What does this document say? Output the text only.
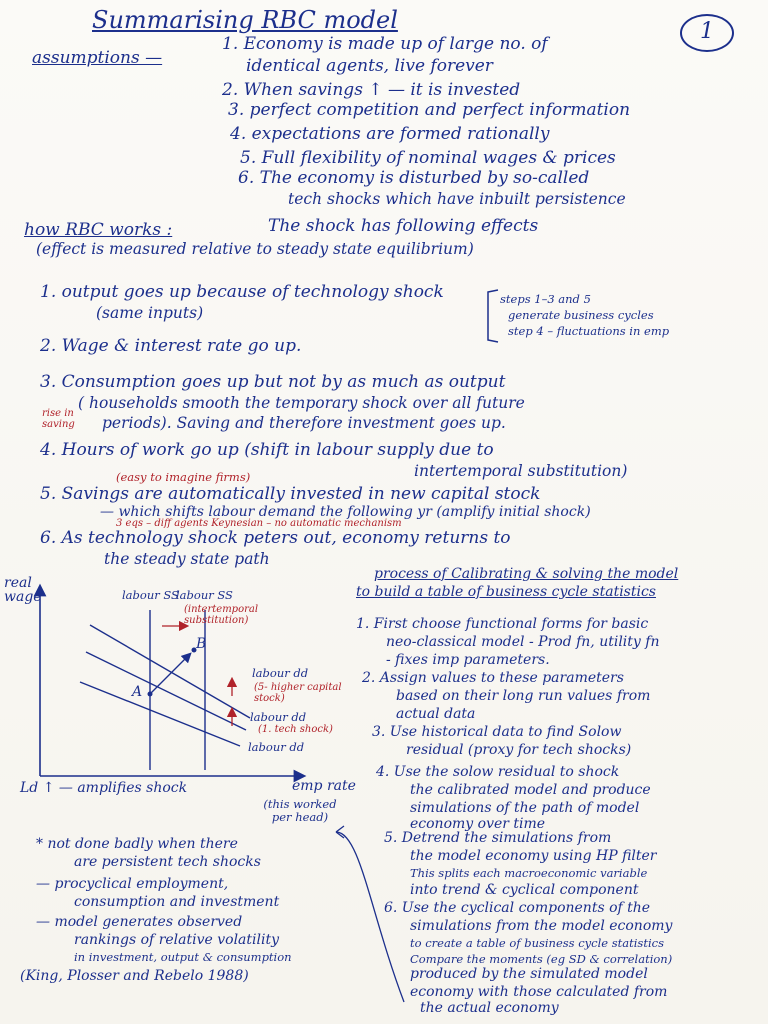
Summarising RBC model	1
assumptions —
1. Economy is made up of large no. of
identical agents, live forever
2. When savings ↑ — it is invested
3. perfect competition and perfect information
4. expectations are formed rationally
5. Full flexibility of nominal wages & prices
6. The economy is disturbed by so-called
tech shocks which have inbuilt persistence
how RBC works :	The shock has following effects
(effect is measured relative to steady state equilibrium)
1. output goes up because of technology shock
(same inputs)
steps 1–3 and 5
generate business cycles
step 4 – fluctuations in emp
2. Wage & interest rate go up.
3. Consumption goes up but not by as much as output
( households smooth the temporary shock over all future
periods). Saving and therefore investment goes up.
rise in saving
4. Hours of work go up (shift in labour supply due to
intertemporal substitution)
(easy to imagine firms)
5. Savings are automatically invested in new capital stock
— which shifts labour demand the following yr (amplify initial shock)
3 eqs – diff agents Keynesian – no automatic mechanism
6. As technology shock peters out, economy returns to
the steady state path
real wage	labour SS
labour SS
(intertemporal substitution)
A
B
labour dd
(5- higher capital stock)
labour dd
(1. tech shock)
labour dd
Ld ↑ — amplifies shock	emp rate
(this worked per head)
process of Calibrating & solving the model
to build a table of business cycle statistics
1. First choose functional forms for basic
neo-classical model - Prod fn, utility fn
- fixes imp parameters.
2. Assign values to these parameters
based on their long run values from
actual data
3. Use historical data to find Solow
residual (proxy for tech shocks)
4. Use the solow residual to shock
the calibrated model and produce
simulations of the path of model
economy over time
5. Detrend the simulations from
the model economy using HP filter
This splits each macroeconomic variable
into trend & cyclical component
6. Use the cyclical components of the
simulations from the model economy
to create a table of business cycle statistics
Compare the moments (eg SD & correlation)
produced by the simulated model
economy with those calculated from
the actual economy
* not done badly when there
are persistent tech shocks
— procyclical employment,
consumption and investment
— model generates observed
rankings of relative volatility
in investment, output & consumption
(King, Plosser and Rebelo 1988)
